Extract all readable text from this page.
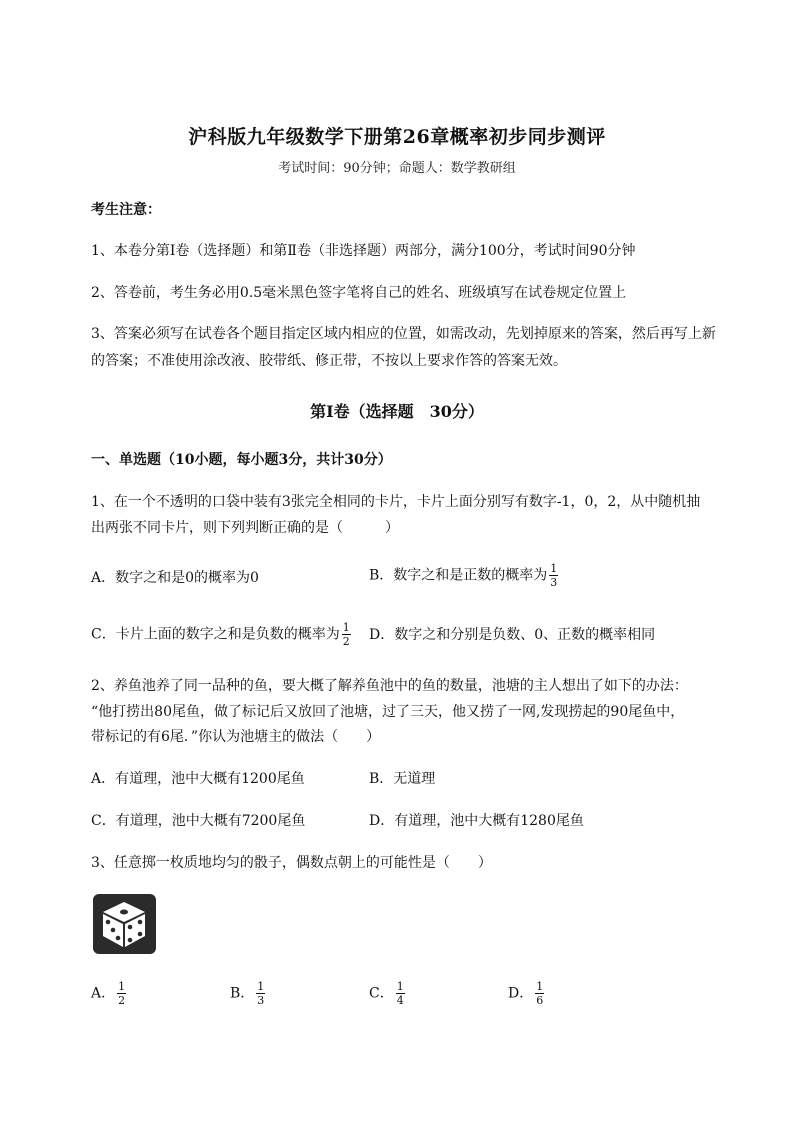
沪科版九年级数学下册第26章概率初步同步测评
考试时间：90分钟；命题人：数学教研组
考生注意：
1、本卷分第I卷（选择题）和第Ⅱ卷（非选择题）两部分，满分100分，考试时间90分钟
2、答卷前，考生务必用0.5毫米黑色签字笔将自己的姓名、班级填写在试卷规定位置上
3、答案必须写在试卷各个题目指定区域内相应的位置，如需改动，先划掉原来的答案，然后再写上新
的答案；不准使用涂改液、胶带纸、修正带，不按以上要求作答的答案无效。
第I卷（选择题　30分）
一、单选题（10小题，每小题3分，共计30分）
1、在一个不透明的口袋中装有3张完全相同的卡片，卡片上面分别写有数字-1，0，2，从中随机抽
出两张不同卡片，则下列判断正确的是（　　　）
A．数字之和是0的概率为0	B．数字之和是正数的概率为 $\frac{1}{3}$
C．卡片上面的数字之和是负数的概率为 $\frac{1}{2}$ D．数字之和分别是负数、0、正数的概率相同
2、养鱼池养了同一品种的鱼，要大概了解养鱼池中的鱼的数量，池塘的主人想出了如下的办法：
“他打捞出80尾鱼，做了标记后又放回了池塘，过了三天，他又捞了一网,发现捞起的90尾鱼中，
带标记的有6尾．”你认为池塘主的做法（　　）
A．有道理，池中大概有1200尾鱼	B．无道理
C．有道理，池中大概有7200尾鱼	D．有道理，池中大概有1280尾鱼
3、任意掷一枚质地均匀的骰子，偶数点朝上的可能性是（　　）
A． $\frac{1}{2}$	B． $\frac{1}{3}$	C． $\frac{1}{4}$	D． $\frac{1}{6}$
